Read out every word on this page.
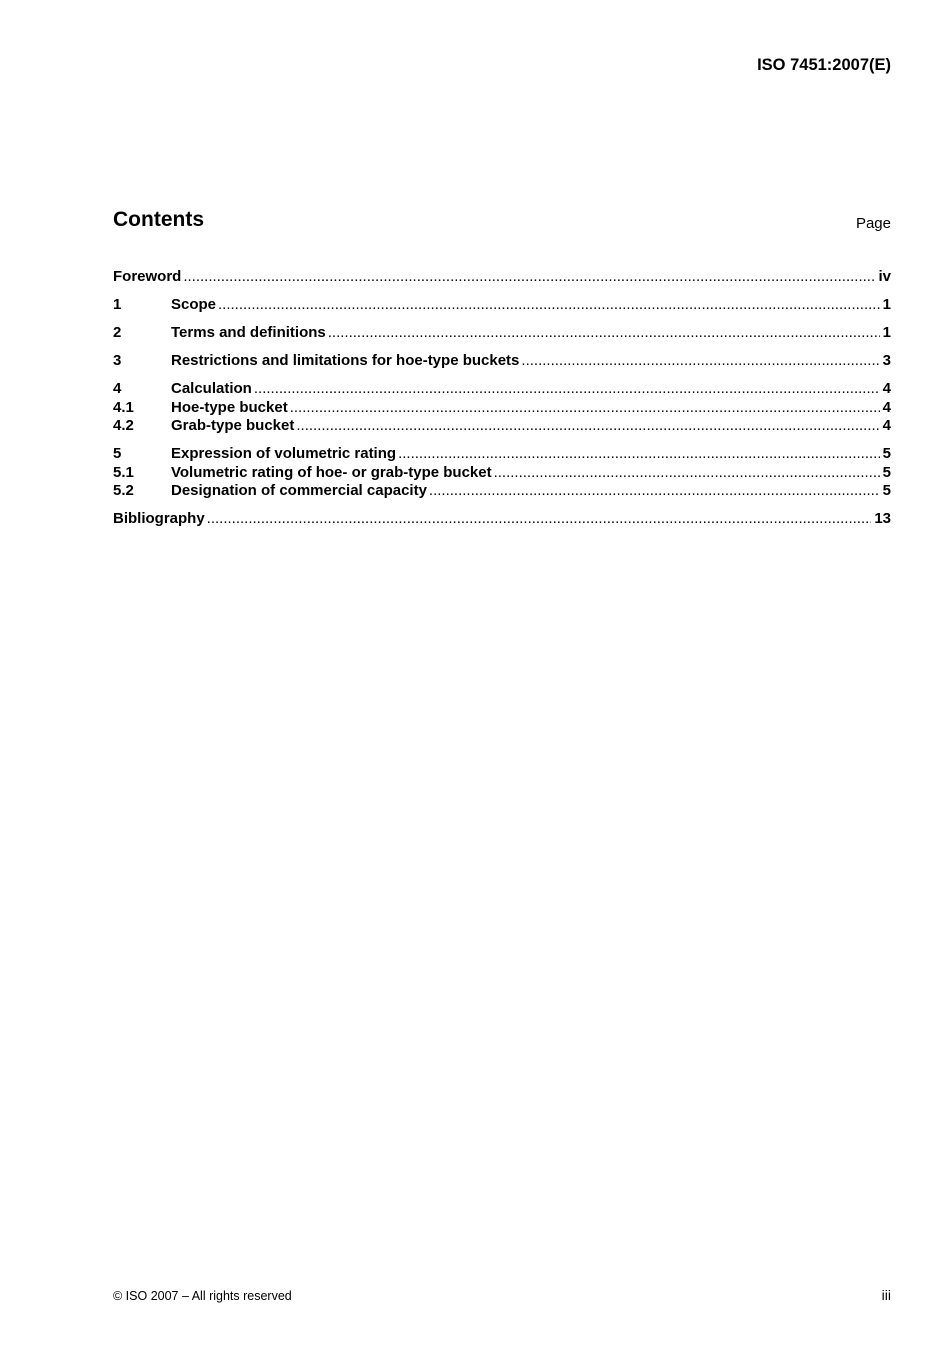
ISO 7451:2007(E)
Contents	Page
Foreword .....	iv
1	Scope .....	1
2	Terms and definitions .....	1
3	Restrictions and limitations for hoe-type buckets .....	3
4	Calculation .....	4
4.1 Hoe-type bucket .....	4
4.2 Grab-type bucket .....	4
5	Expression of volumetric rating .....	5
5.1 Volumetric rating of hoe- or grab-type bucket .....	5
5.2 Designation of commercial capacity .....	5
Bibliography .....	13
© ISO 2007 – All rights reserved	iii
